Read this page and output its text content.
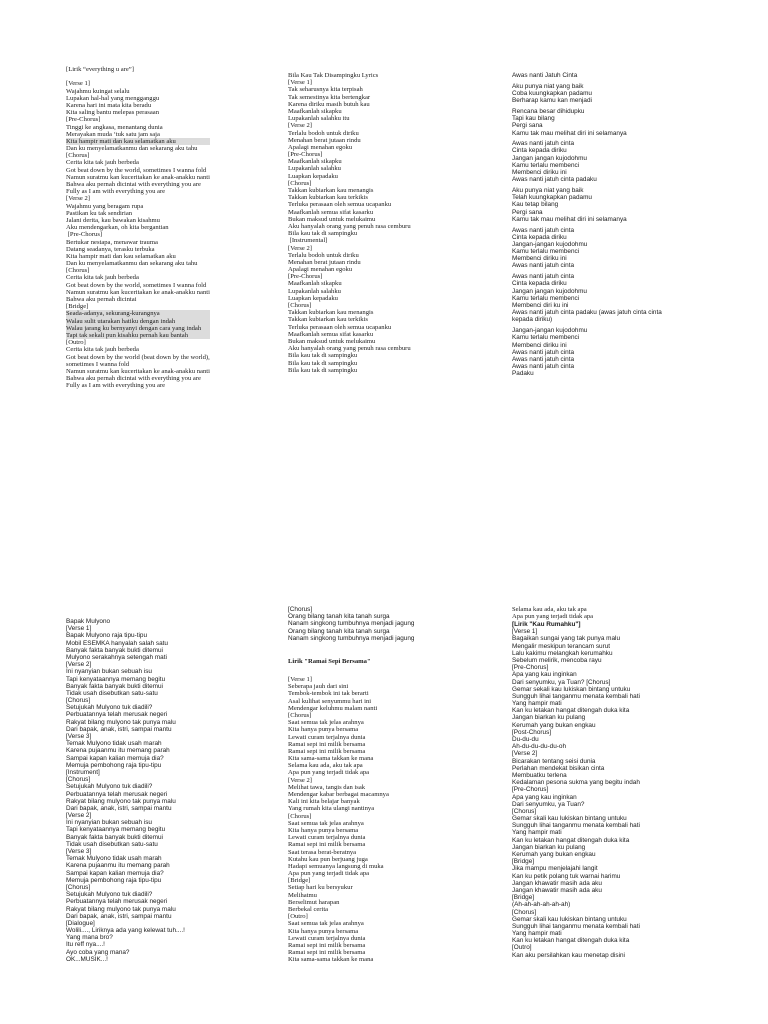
[Lirik “everything u are”]
[Verse 1]
Wajahmu kuingat selalu
Lupakan hal-hal yang mengganggu
Karena hari ini mata kita beradu
Kita saling bantu melepas perasaan
[Pre-Chorus]
Tinggi ke angkasa, menantang dunia
Merayakan muda ‘tuk satu jam saja
Kita hampir mati dan kau selamatkan aku
Dan ku menyelamatkanmu dan sekarang aku tahu
[Chorus]
Cerita kita tak jauh berbeda
Got beat down by the world, sometimes I wanna fold
Namun suratmu kan kuceritakan ke anak-anakku nanti
Bahwa aku pernah dicintai with everything you are
Fully as I am with everything you are
[Verse 2]
Wajahmu yang beragam rupa
Pastikan ku tak sendirian
Jalani derita, kau bawakan kisahmu
Aku mendengarkan, oh kita bergantian
[Pre-Chorus]
Bertukar nestapa, menawar trauma
Datang seadanya, terasku terbuka
Kita hampir mati dan kau selamatkan aku
Dan ku menyelamatkanmu dan sekarang aku tahu
[Chorus]
Cerita kita tak jauh berbeda
Got beat down by the world, sometimes I wanna fold
Namun suratmu kan kuceritakan ke anak-anakku nanti
Bahwa aku pernah dicintai
[Bridge]
Seada-adanya, sekurang-kurangnya
Walau sulit utarakan hatiku dengan indah
Walau jarang ku bernyanyi dengan cara yang indah
Tapi tak sekali pun kisahku pernah kau bantah
[Outro]
Cerita kita tak jauh berbeda
Got beat down by the world (beat down by the world),
sometimes I wanna fold
Namun suratmu kan kuceritakan ke anak-anakku nanti
Bahwa aku pernah dicintai with everything you are
Fully as I am with everything you are
Bila Kau Tak Disampingku Lyrics
[Verse 1]
Tak seharusnya kita terpisah
Tak semestinya kita bertengkar
Karena diriku masih butuh kau
Maafkanlah sikapku
Lupakanlah salahku itu
[Verse 2]
Terlalu bodoh untuk diriku
Menahan berat jutaan rindu
Apalagi menahan egoku
[Pre-Chorus]
Maafkanlah sikapku
Lupakanlah salahku
Luapkan kepadaku
[Chorus]
Takkan kubiarkan kau menangis
Takkan kubiarkan kau terkikis
Terluka perasaan oleh semua ucapanku
Maafkanlah semua sifat kasarku
Bukan maksud untuk melukaimu
Aku hanyalah orang yang penuh rasa cemburu
Bila kau tak di sampingku
[Instrumental]
[Verse 2]
Terlalu bodoh untuk diriku
Menahan berat jutaan rindu
Apalagi menahan egoku
[Pre-Chorus]
Maafkanlah sikapku
Lupakanlah salahku
Luapkan kepadaku
[Chorus]
Takkan kubiarkan kau menangis
Takkan kubiarkan kau terkikis
Terluka perasaan oleh semua ucapanku
Maafkanlah semua sifat kasarku
Bukan maksud untuk melukaimu
Aku hanyalah orang yang penuh rasa cemburu
Bila kau tak di sampingku
Bila kau tak di sampingku
Bila kau tak di sampingku
Awas nanti Jatuh Cinta
Aku punya niat yang baik
Coba kuungkapkan padamu
Berharap kamu kan menjadi
Rencana besar dihidupku
Tapi kau bilang
Pergi sana
Kamu tak mau melihat diri ini selamanya
Awas nanti jatuh cinta
Cinta kepada diriku
Jangan jangan kujodohmu
Kamu terlalu membenci
Membenci diriku ini
Awas nanti jatuh cinta padaku
Aku punya niat yang baik
Telah kuungkapkan padamu
Kau tetap bilang
Pergi sana
Kamu tak mau melihat diri ini selamanya
Awas nanti jatuh cinta
Cinta kepada diriku
Jangan-jangan kujodohmu
Kamu terlalu membenci
Membenci diriku ini
Awas nanti jatuh cinta
Awas nanti jatuh cinta
Cinta kepada diriku
Jangan jangan kujodohmu
Kamu terlalu membenci
Membenci diri ku ini
Awas nanti jatuh cinta padaku (awas jatuh cinta cinta
kepada diriku)
Jangan-jangan kujodohmu
Kamu terlalu membenci
Membenci diriku ini
Awas nanti jatuh cinta
Awas nanti jatuh cinta
Awas nanti jatuh cinta
Padaku
Bapak Mulyono
[Verse 1]
Bapak Mulyono raja tipu-tipu
Mobil ESEMKA hanyalah salah satu
Banyak fakta banyak bukti ditemui
Mulyono serakahnya setengah mati
[Verse 2]
Ini nyanyian bukan sebuah isu
Tapi kenyataannya memang begitu
Banyak fakta banyak bukti ditemui
Tidak usah disebutkan satu-satu
[Chorus]
Setujukah Mulyono tuk diadili?
Perbuatannya telah merusak negeri
Rakyat bilang mulyono tak punya malu
Dari bapak, anak, istri, sampai mantu
[Verse 3]
Temak Mulyono tidak usah marah
Karena pujaanmu itu memang parah
Sampai kapan kalian memuja dia?
Memuja pembohong raja tipu-tipu
[Instrument]
[Chorus]
Setujukah Mulyono tuk diadili?
Perbuatannya telah merusak negeri
Rakyat bilang mulyono tak punya malu
Dari bapak, anak, istri, sampai mantu
[Verse 2]
Ini nyanyian bukan sebuah isu
Tapi kenyataannya memang begitu
Banyak fakta banyak bukti ditemui
Tidak usah disebutkan satu-satu
[Verse 3]
Temak Mulyono tidak usah marah
Karena pujaanmu itu memang parah
Sampai kapan kalian memuja dia?
Memuja pembohong raja tipu-tipu
[Chorus]
Setujukah Mulyono tuk diadili?
Perbuatannya telah merusak negeri
Rakyat bilang mulyono tak punya malu
Dari bapak, anak, istri, sampai mantu
[Dialogue]
Wolili...., Liriknya ada yang kelewat tuh....!
Yang mana bro?
Itu reff nya....!
Ayo coba yang mana?
OK...MUSIK...!
[Chorus]
Orang bilang tanah kita tanah surga
Nanam singkong tumbuhnya menjadi jagung
Orang bilang tanah kita tanah surga
Nanam singkong tumbuhnya menjadi jagung
Lirik "Ramai Sepi Bersama"
[Verse 1]
Seberapa jauh dari sini
Tembok-tembok ini tak berarti
Asal kulihat senyummu hari ini
Mendengar keluhmu malam nanti
[Chorus]
Saat semua tak jelas arahnya
Kita hanya punya bersama
Lewati curam terjalnya dunia
Ramai sepi ini milik bersama
Ramai sepi ini milik bersama
Kita sama-sama takkan ke mana
Selama kau ada, aku tak apa
Apa pun yang terjadi tidak apa
[Verse 2]
Melihat tawa, tangis dan isak
Mendengar kabar berbagai macamnya
Kali ini kita belajar banyak
Yang rumah kita ulangi nantinya
[Chorus]
Saat semua tak jelas arahnya
Kita hanya punya bersama
Lewati curam terjalnya dunia
Ramai sepi ini milik bersama
Saat terasa berat-beratnya
Kutahu kau pun berjuang juga
Hadapi semuanya langsung di muka
Apa pun yang terjadi tidak apa
[Bridge]
Setiap hari ku bersyukur
Melihatmu
Berselimut harapan
Berbekal cerita
[Outro]
Saat semua tak jelas arahnya
Kita hanya punya bersama
Lewati curam terjalnya dunia
Ramai sepi ini milik bersama
Ramai sepi ini milik bersama
Kita sama-sama takkan ke mana
Selama kau ada, aku tak apa
Apa pun yang terjadi tidak apa
[Lirik "Kau Rumahku"]
[Verse 1]
Bagaikan sungai yang tak punya malu
Mengalir meskipun terancam surut
Lalu kakimu melangkah kerumahku
Sebelum melirik, mencoba rayu
[Pre-Chorus]
Apa yang kau inginkan
Dari senyumku, ya Tuan? [Chorus]
Gemar sekali kau lukiskan bintang untuku
Sungguh lihai tanganmu menata kembali hati
Yang hampir mati
Kan ku letakan hangat ditengah duka kita
Jangan biarkan ku pulang
Kerumah yang bukan engkau
[Post-Chorus]
Du-du-du
Ah-du-du-du-du-oh
[Verse 2]
Bicarakan tentang seisi dunia
Perlahan mendekat bisikan cinta
Membuatku terlena
Kedalaman pesona sukma yang begitu indah
[Pre-Chorus]
Apa yang kau inginkan
Dari senyumku, ya Tuan?
[Chorus]
Gemar skali kau lukiskan bintang untuku
Sungguh lihai tanganmu menata kembali hati
Yang hampir mati
Kan ku letakan hangat ditengah duka kita
Jangan biarkan ku pulang
Kerumah yang bukan engkau
[Bridge]
Jika mampu menjelajahi langit
Kan ku petik polang tuk warnai harimu
Jangan khawatir masih ada aku
Jangan khawatir masih ada aku
[Bridge]
(Ah-ah-ah-ah-ah-ah)
[Chorus]
Gemar skali kau lukiskan bintang untuku
Sungguh lihai tanganmu menata kembali hati
Yang hampir mati
Kan ku letakan hangat ditengah duka kita
[Outro]
Kan aku persilahkan kau menetap disini
